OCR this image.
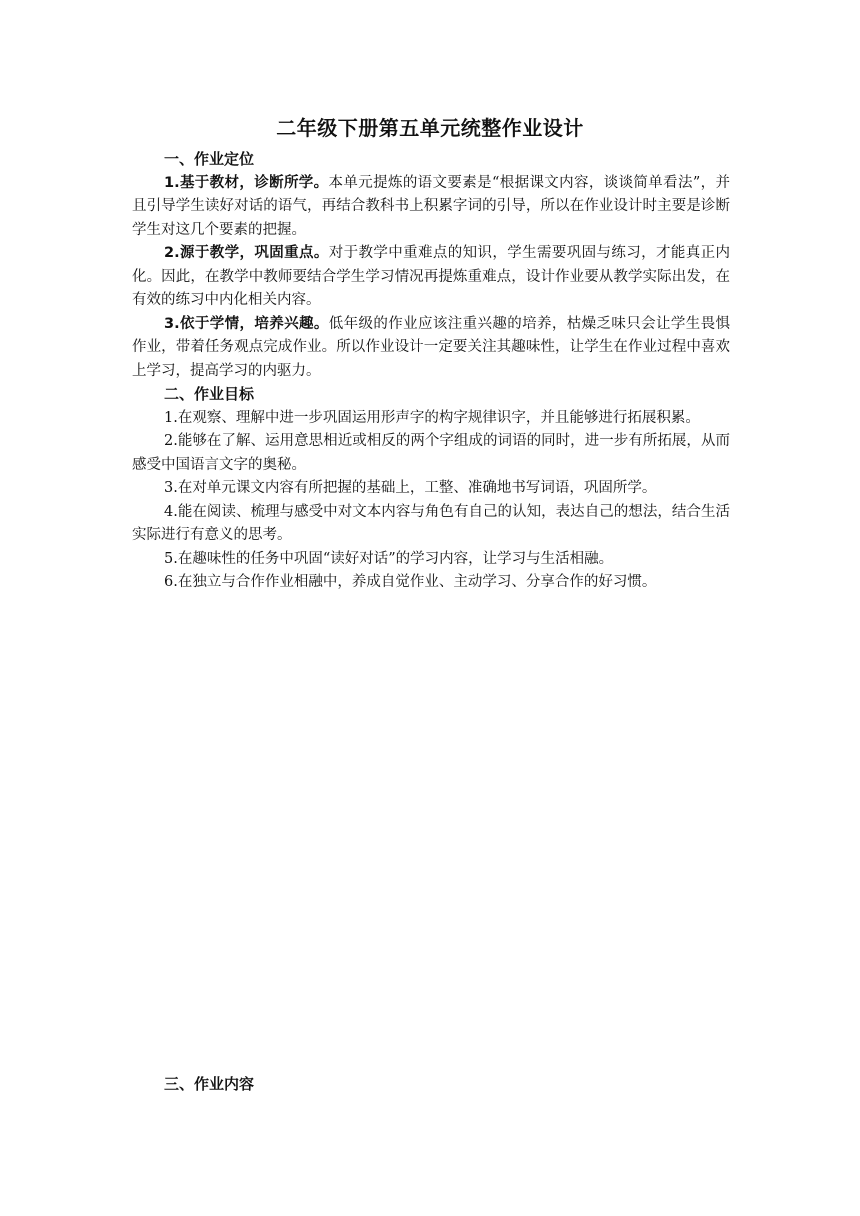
二年级下册第五单元统整作业设计

一、作业定位

1.基于教材，诊断所学。本单元提炼的语文要素是“根据课文内容，谈谈简单看法”，并且引导学生读好对话的语气，再结合教科书上积累字词的引导，所以在作业设计时主要是诊断学生对这几个要素的把握。

2.源于教学，巩固重点。对于教学中重难点的知识，学生需要巩固与练习，才能真正内化。因此，在教学中教师要结合学生学习情况再提炼重难点，设计作业要从教学实际出发，在有效的练习中内化相关内容。

3.依于学情，培养兴趣。低年级的作业应该注重兴趣的培养，枯燥乏味只会让学生畏惧作业，带着任务观点完成作业。所以作业设计一定要关注其趣味性，让学生在作业过程中喜欢上学习，提高学习的内驱力。

二、作业目标

1.在观察、理解中进一步巩固运用形声字的构字规律识字，并且能够进行拓展积累。

2.能够在了解、运用意思相近或相反的两个字组成的词语的同时，进一步有所拓展，从而感受中国语言文字的奥秘。

3.在对单元课文内容有所把握的基础上，工整、准确地书写词语，巩固所学。

4.能在阅读、梳理与感受中对文本内容与角色有自己的认知，表达自己的想法，结合生活实际进行有意义的思考。

5.在趣味性的任务中巩固“读好对话”的学习内容，让学习与生活相融。

6.在独立与合作作业相融中，养成自觉作业、主动学习、分享合作的好习惯。

三、作业内容
